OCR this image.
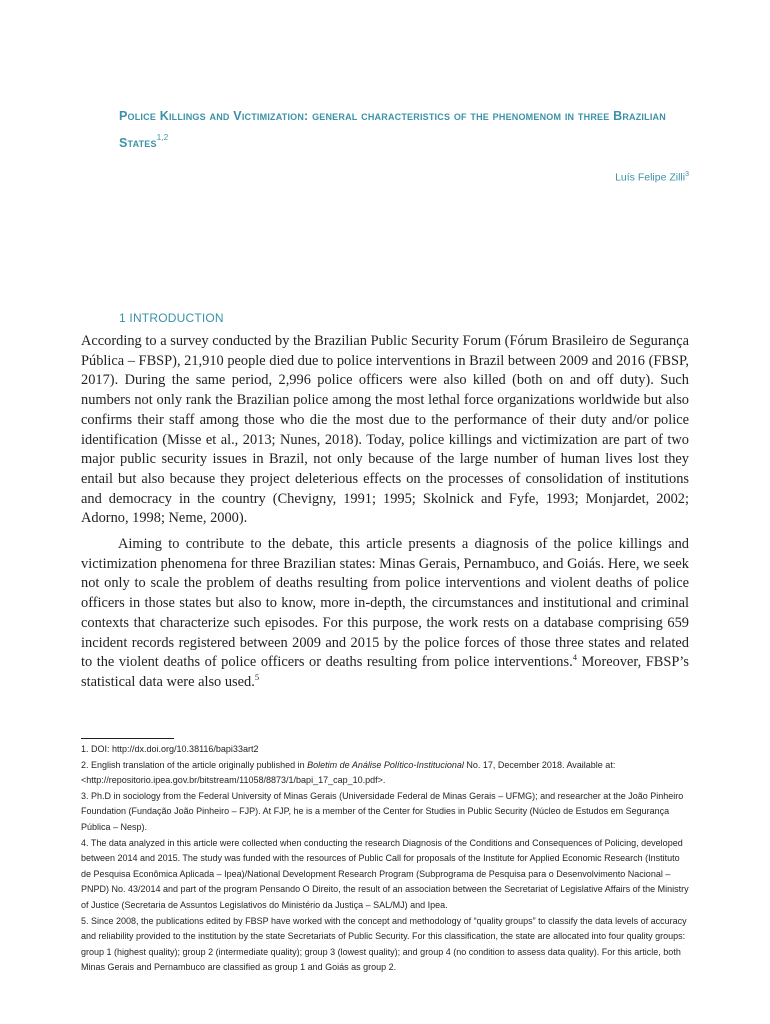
Police Killings and Victimization: general characteristics of the phenomenom in three Brazilian States$^{1,2}$
Luís Felipe Zilli$^3$
1 INTRODUCTION

According to a survey conducted by the Brazilian Public Security Forum (Fórum Brasileiro de Segurança Pública – FBSP), 21,910 people died due to police interventions in Brazil between 2009 and 2016 (FBSP, 2017). During the same period, 2,996 police officers were also killed (both on and off duty). Such numbers not only rank the Brazilian police among the most lethal force organizations worldwide but also confirms their staff among those who die the most due to the performance of their duty and/or police identification (Misse et al., 2013; Nunes, 2018). Today, police killings and victimization are part of two major public security issues in Brazil, not only because of the large number of human lives lost they entail but also because they project deleterious effects on the processes of consolidation of institutions and democracy in the country (Chevigny, 1991; 1995; Skolnick and Fyfe, 1993; Monjardet, 2002; Adorno, 1998; Neme, 2000).

Aiming to contribute to the debate, this article presents a diagnosis of the police killings and victimization phenomena for three Brazilian states: Minas Gerais, Pernambuco, and Goiás. Here, we seek not only to scale the problem of deaths resulting from police interventions and violent deaths of police officers in those states but also to know, more in-depth, the circumstances and institutional and criminal contexts that characterize such episodes. For this purpose, the work rests on a database comprising 659 incident records registered between 2009 and 2015 by the police forces of those three states and related to the violent deaths of police officers or deaths resulting from police interventions.$^4$ Moreover, FBSP’s statistical data were also used.$^5$

1. DOI: http://dx.doi.org/10.38116/bapi33art2

2. English translation of the article originally published in Boletim de Análise Político-Institucional No. 17, December 2018. Available at: <http://repositorio.ipea.gov.br/bitstream/11058/8873/1/bapi_17_cap_10.pdf>.

3. Ph.D in sociology from the Federal University of Minas Gerais (Universidade Federal de Minas Gerais – UFMG); and researcher at the João Pinheiro Foundation (Fundação João Pinheiro – FJP). At FJP, he is a member of the Center for Studies in Public Security (Núcleo de Estudos em Segurança Pública – Nesp).

4. The data analyzed in this article were collected when conducting the research Diagnosis of the Conditions and Consequences of Policing, developed between 2014 and 2015. The study was funded with the resources of Public Call for proposals of the Institute for Applied Economic Research (Instituto de Pesquisa Econômica Aplicada – Ipea)/National Development Research Program (Subprograma de Pesquisa para o Desenvolvimento Nacional – PNPD) No. 43/2014 and part of the program Pensando O Direito, the result of an association between the Secretariat of Legislative Affairs of the Ministry of Justice (Secretaria de Assuntos Legislativos do Ministério da Justiça – SAL/MJ) and Ipea.

5. Since 2008, the publications edited by FBSP have worked with the concept and methodology of “quality groups” to classify the data levels of accuracy and reliability provided to the institution by the state Secretariats of Public Security. For this classification, the state are allocated into four quality groups: group 1 (highest quality); group 2 (intermediate quality); group 3 (lowest quality); and group 4 (no condition to assess data quality). For this article, both Minas Gerais and Pernambuco are classified as group 1 and Goiás as group 2.
